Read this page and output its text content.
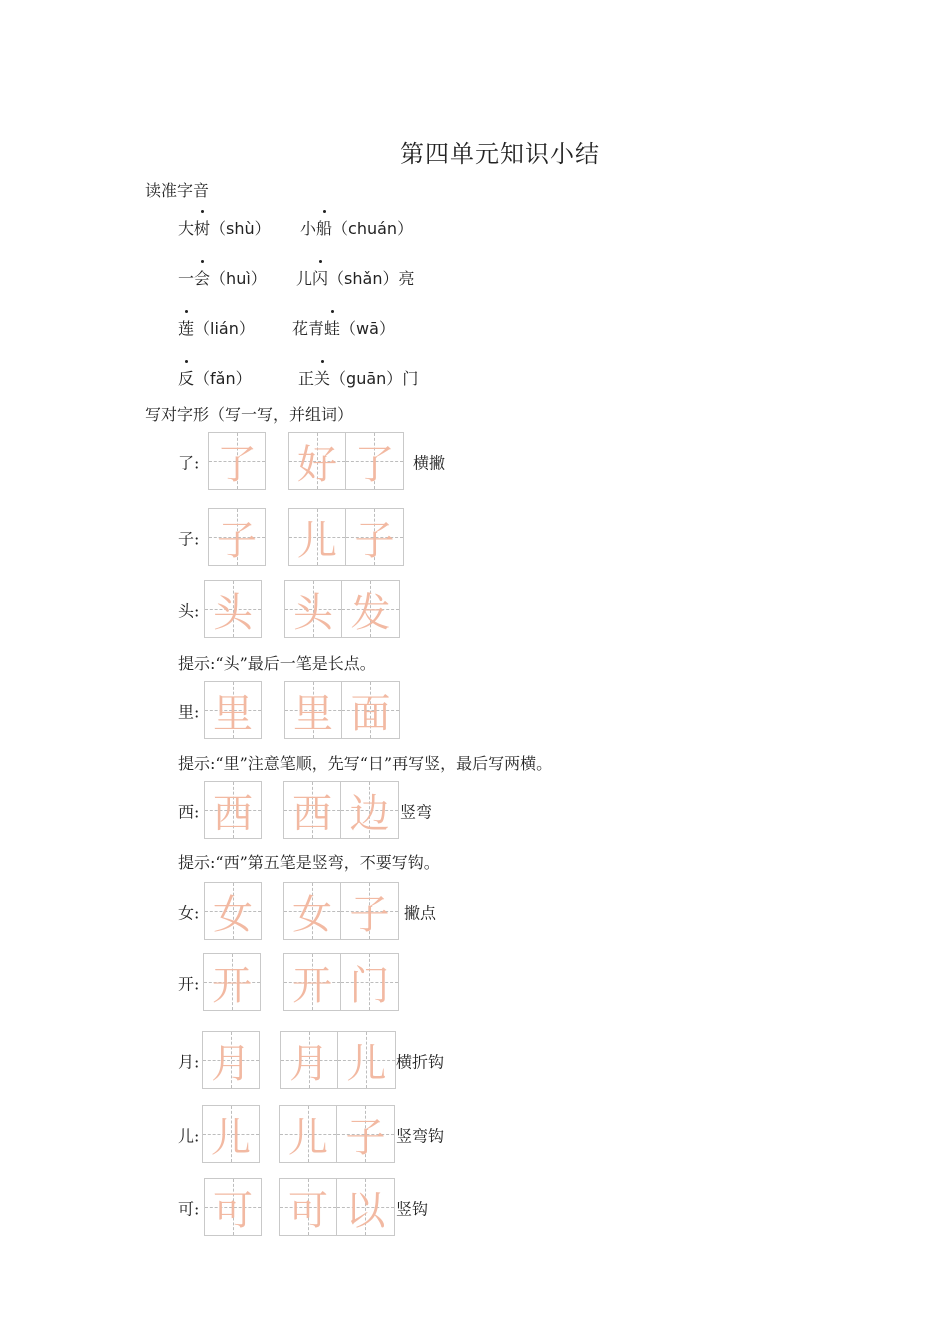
第四单元知识小结
读准字音
大树（shù） 小船（chuán）
一会（huì） 儿闪（shǎn）亮
莲（lián） 花青蛙（wā）
反（fǎn）	正关（guān）门
写对字形（写一写，并组词）
了: 了 好 了	横撇
子: 子 儿 子
头: 头 头 发
提示:“头”最后一笔是长点。
里: 里 里 面
提示:“里”注意笔顺，先写“日”再写竖，最后写两横。
西: 西 西 边 竖弯
提示:“西”第五笔是竖弯，不要写钩。
女: 女 女 子 撇点
开: 开 开 门
月: 月 月 儿 横折钩
儿: 儿 儿 子 竖弯钩
可: 可 可 以 竖钩
